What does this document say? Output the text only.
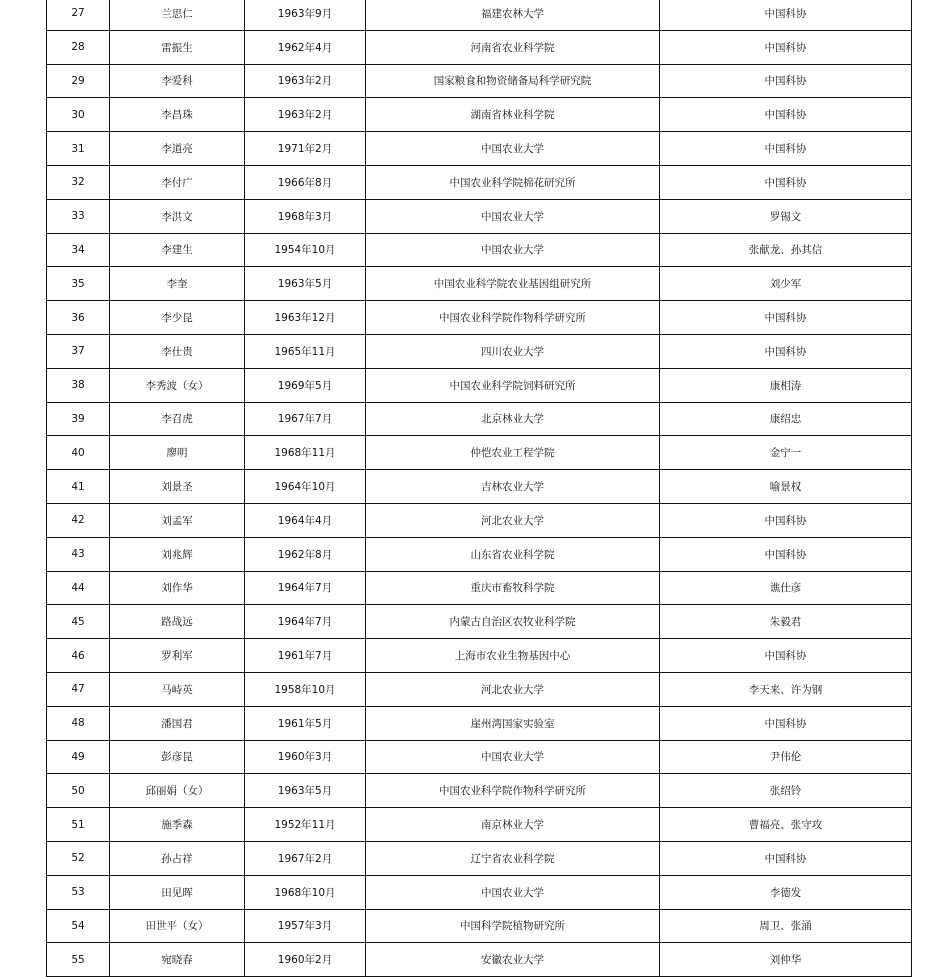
27	兰思仁	1963年9月	福建农林大学	中国科协
28	雷振生	1962年4月	河南省农业科学院	中国科协
29	李爱科	1963年2月	国家粮食和物资储备局科学研究院	中国科协
30	李昌珠	1963年2月	湖南省林业科学院	中国科协
31	李道亮	1971年2月	中国农业大学	中国科协
32	李付广	1966年8月	中国农业科学院棉花研究所	中国科协
33	李洪文	1968年3月	中国农业大学	罗锡文
34	李建生	1954年10月	中国农业大学	张献龙、孙其信
35	李奎	1963年5月	中国农业科学院农业基因组研究所	刘少军
36	李少昆	1963年12月	中国农业科学院作物科学研究所	中国科协
37	李仕贵	1965年11月	四川农业大学	中国科协
38	李秀波（女）	1969年5月	中国农业科学院饲料研究所	康相涛
39	李召虎	1967年7月	北京林业大学	康绍忠
40	廖明	1968年11月	仲恺农业工程学院	金宁一
41	刘景圣	1964年10月	吉林农业大学	喻景权
42	刘孟军	1964年4月	河北农业大学	中国科协
43	刘兆辉	1962年8月	山东省农业科学院	中国科协
44	刘作华	1964年7月	重庆市畜牧科学院	谯仕彦
45	路战远	1964年7月	内蒙古自治区农牧业科学院	朱毅君
46	罗利军	1961年7月	上海市农业生物基因中心	中国科协
47	马峙英	1958年10月	河北农业大学	李天来、许为钢
48	潘国君	1961年5月	崖州湾国家实验室	中国科协
49	彭彦昆	1960年3月	中国农业大学	尹伟伦
50	邱丽娟（女）	1963年5月	中国农业科学院作物科学研究所	张绍铃
51	施季森	1952年11月	南京林业大学	曹福亮、张守攻
52	孙占祥	1967年2月	辽宁省农业科学院	中国科协
53	田见晖	1968年10月	中国农业大学	李德发
54	田世平（女）	1957年3月	中国科学院植物研究所	周卫、张涌
55	宛晓春	1960年2月	安徽农业大学	刘仲华
